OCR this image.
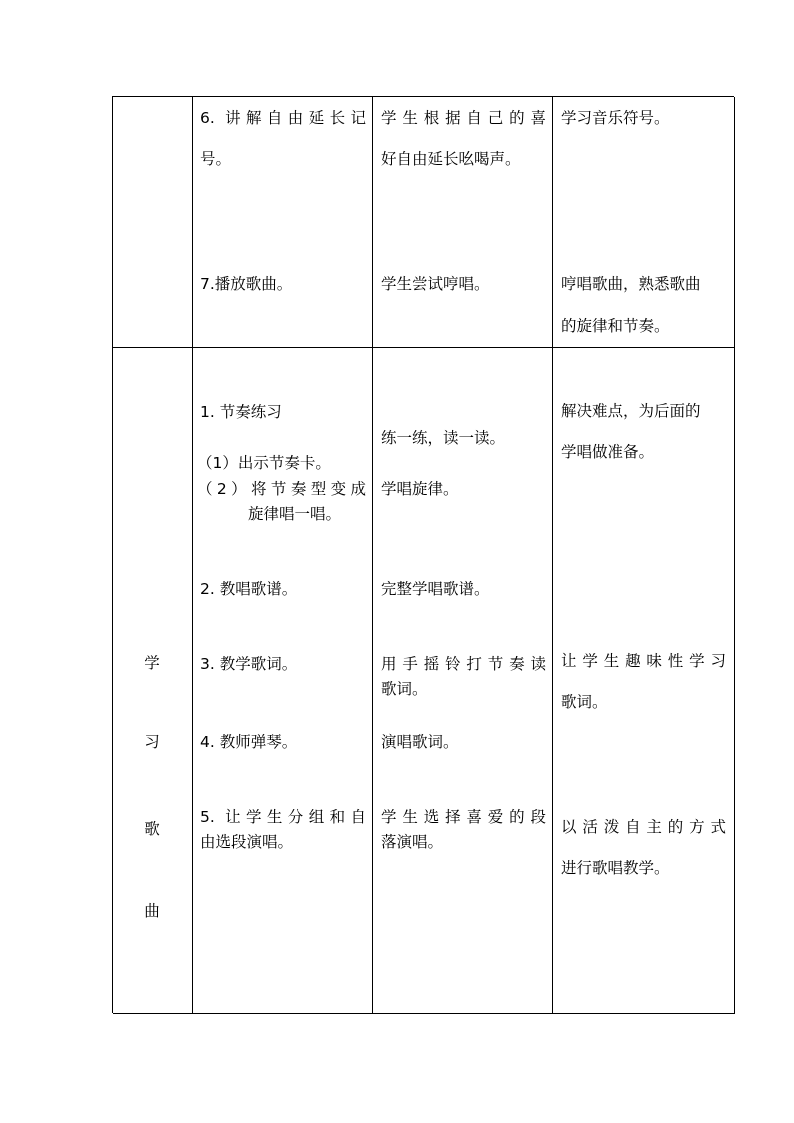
6. 讲解自由延长记
号。
7.播放歌曲。
学生根据自己的喜
好自由延长吆喝声。
学生尝试哼唱。
学习音乐符号。
哼唱歌曲，熟悉歌曲
的旋律和节奏。
学
习
歌
曲
1. 节奏练习
（1）出示节奏卡。
（2）将节奏型变成
旋律唱一唱。
2. 教唱歌谱。
3. 教学歌词。
4. 教师弹琴。
5. 让学生分组和自
由选段演唱。
练一练，读一读。
学唱旋律。
完整学唱歌谱。
用手摇铃打节奏读
歌词。
演唱歌词。
学生选择喜爱的段
落演唱。
解决难点，为后面的
学唱做准备。
让学生趣味性学习
歌词。
以活泼自主的方式
进行歌唱教学。
